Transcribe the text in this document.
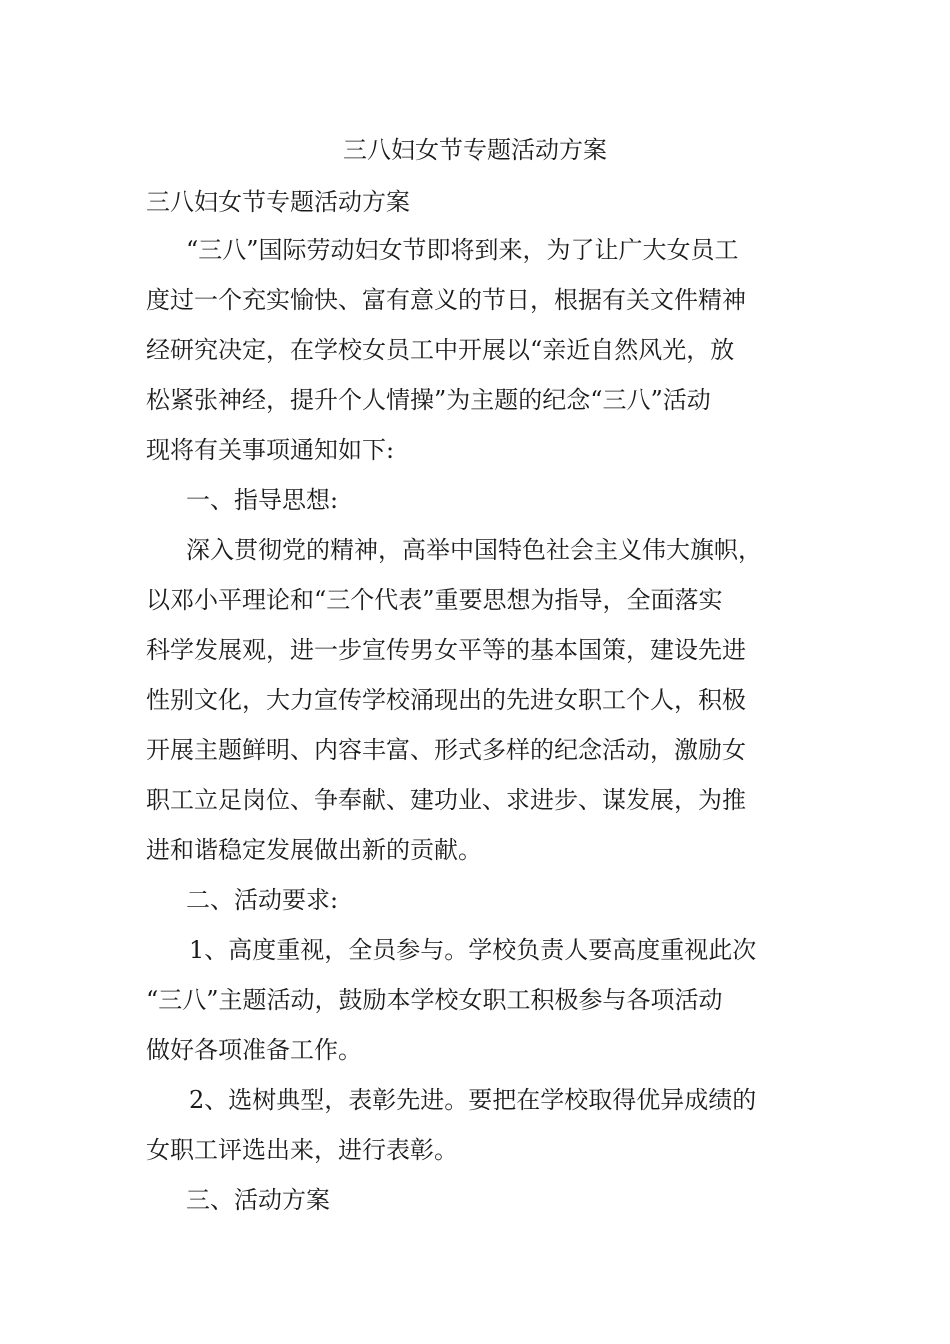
三八妇女节专题活动方案
三八妇女节专题活动方案
“三八”国际劳动妇女节即将到来，为了让广大女员工
度过一个充实愉快、富有意义的节日，根据有关文件精神
经研究决定，在学校女员工中开展以“亲近自然风光，放
松紧张神经，提升个人情操”为主题的纪念“三八”活动
现将有关事项通知如下:
一、指导思想:
深入贯彻党的精神，高举中国特色社会主义伟大旗帜，
以邓小平理论和“三个代表”重要思想为指导，全面落实
科学发展观，进一步宣传男女平等的基本国策，建设先进
性别文化，大力宣传学校涌现出的先进女职工个人，积极
开展主题鲜明、内容丰富、形式多样的纪念活动，激励女
职工立足岗位、争奉献、建功业、求进步、谋发展，为推
进和谐稳定发展做出新的贡献。
二、活动要求:
1、高度重视，全员参与。学校负责人要高度重视此次
“三八”主题活动，鼓励本学校女职工积极参与各项活动
做好各项准备工作。
2、选树典型，表彰先进。要把在学校取得优异成绩的
女职工评选出来，进行表彰。
三、活动方案
